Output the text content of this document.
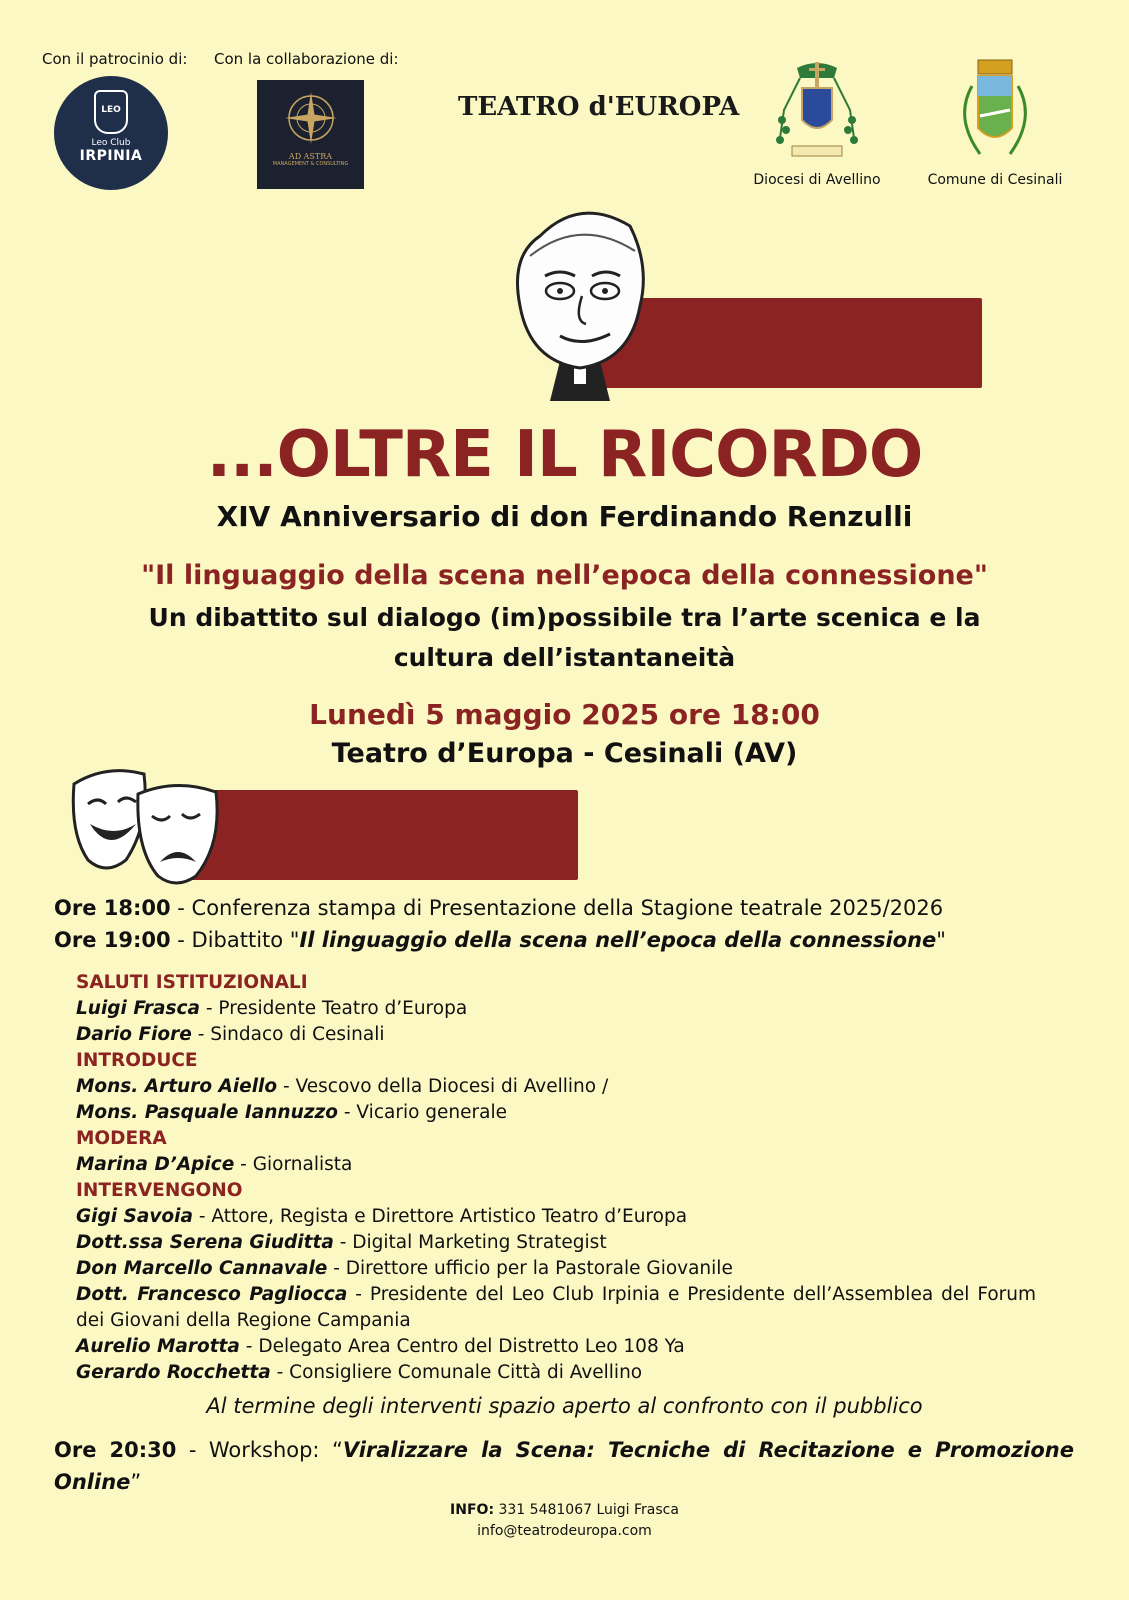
Con il patrocinio di: Con la collaborazione di:
LEO
Leo Club
IRPINIA	AD ASTRA
MANAGEMENT & CONSULTING
TEATRO d'EUROPA
Diocesi di Avellino	Comune di Cesinali
...OLTRE IL RICORDO
XIV Anniversario di don Ferdinando Renzulli
"Il linguaggio della scena nell’epoca della connessione"
Un dibattito sul dialogo (im)possibile tra l’arte scenica e la
cultura dell’istantaneità
Lunedì 5 maggio 2025 ore 18:00
Teatro d’Europa - Cesinali (AV)
Ore 18:00 - Conferenza stampa di Presentazione della Stagione teatrale 2025/2026
Ore 19:00 - Dibattito "Il linguaggio della scena nell’epoca della connessione"
SALUTI ISTITUZIONALI
Luigi Frasca - Presidente Teatro d’Europa
Dario Fiore - Sindaco di Cesinali
INTRODUCE
Mons. Arturo Aiello - Vescovo della Diocesi di Avellino /
Mons. Pasquale Iannuzzo - Vicario generale
MODERA
Marina D’Apice - Giornalista
INTERVENGONO
Gigi Savoia - Attore, Regista e Direttore Artistico Teatro d’Europa
Dott.ssa Serena Giuditta - Digital Marketing Strategist
Don Marcello Cannavale - Direttore ufficio per la Pastorale Giovanile
Dott. Francesco Pagliocca - Presidente del Leo Club Irpinia e Presidente dell’Assemblea del Forum dei Giovani della Regione Campania
Aurelio Marotta - Delegato Area Centro del Distretto Leo 108 Ya
Gerardo Rocchetta - Consigliere Comunale Città di Avellino
Al termine degli interventi spazio aperto al confronto con il pubblico
Ore 20:30 - Workshop: “Viralizzare la Scena: Tecniche di Recitazione e Promozione Online”
INFO: 331 5481067 Luigi Frasca
info@teatrodeuropa.com
